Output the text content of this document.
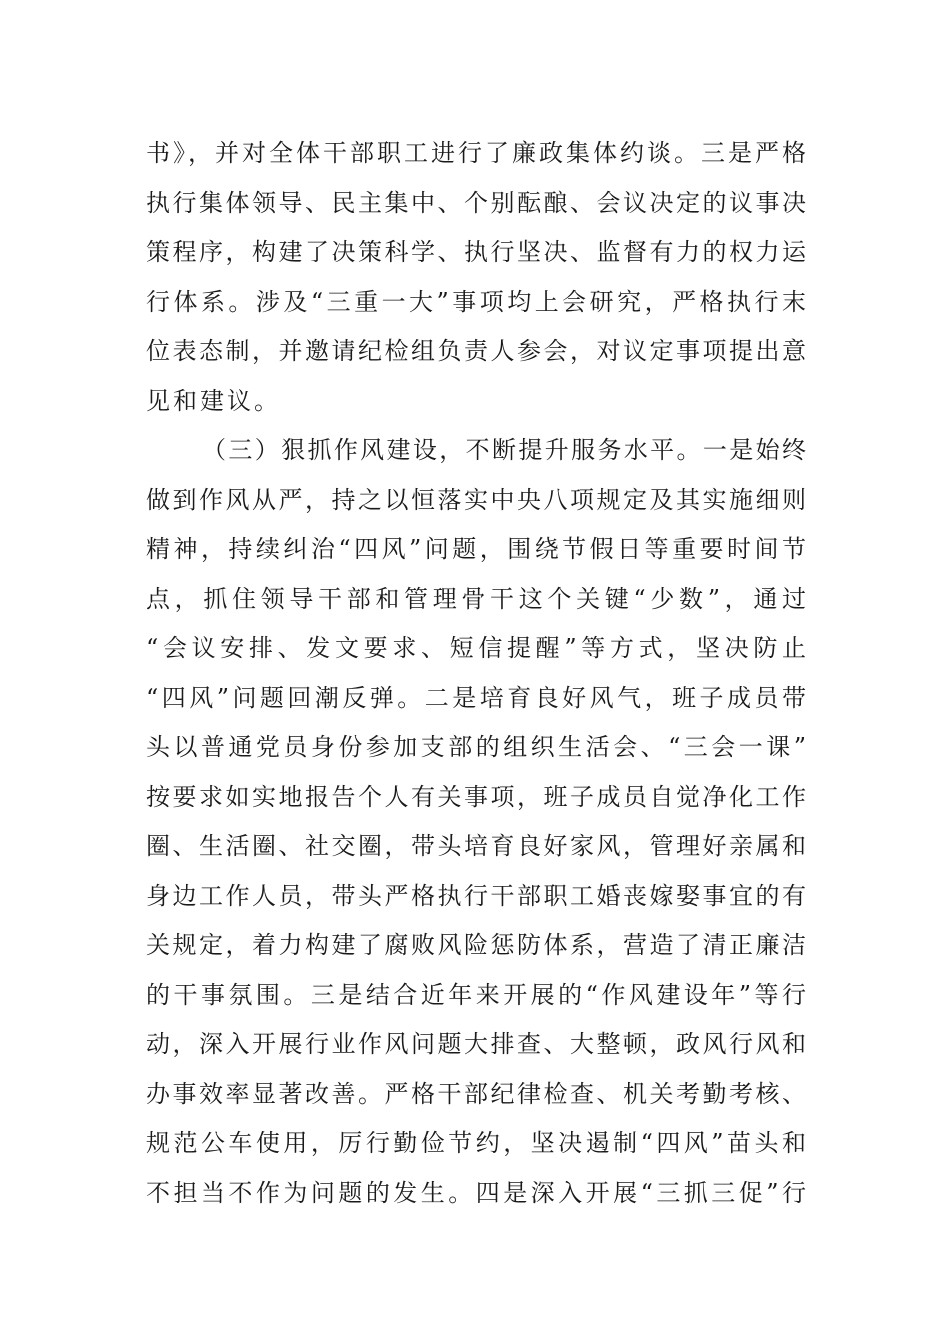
书》，并对全体干部职工进行了廉政集体约谈。三是严格
执行集体领导、民主集中、个别酝酿、会议决定的议事决
策程序，构建了决策科学、执行坚决、监督有力的权力运
行体系。涉及“三重一大”事项均上会研究，严格执行末
位表态制，并邀请纪检组负责人参会，对议定事项提出意
见和建议。
（三）狠抓作风建设，不断提升服务水平。一是始终
做到作风从严，持之以恒落实中央八项规定及其实施细则
精神，持续纠治“四风”问题，围绕节假日等重要时间节
点，抓住领导干部和管理骨干这个关键“少数”，通过
“会议安排、发文要求、短信提醒”等方式，坚决防止
“四风”问题回潮反弹。二是培育良好风气，班子成员带
头以普通党员身份参加支部的组织生活会、“三会一课”
按要求如实地报告个人有关事项，班子成员自觉净化工作
圈、生活圈、社交圈，带头培育良好家风，管理好亲属和
身边工作人员，带头严格执行干部职工婚丧嫁娶事宜的有
关规定，着力构建了腐败风险惩防体系，营造了清正廉洁
的干事氛围。三是结合近年来开展的“作风建设年”等行
动，深入开展行业作风问题大排查、大整顿，政风行风和
办事效率显著改善。严格干部纪律检查、机关考勤考核、
规范公车使用，厉行勤俭节约，坚决遏制“四风”苗头和
不担当不作为问题的发生。四是深入开展“三抓三促”行
